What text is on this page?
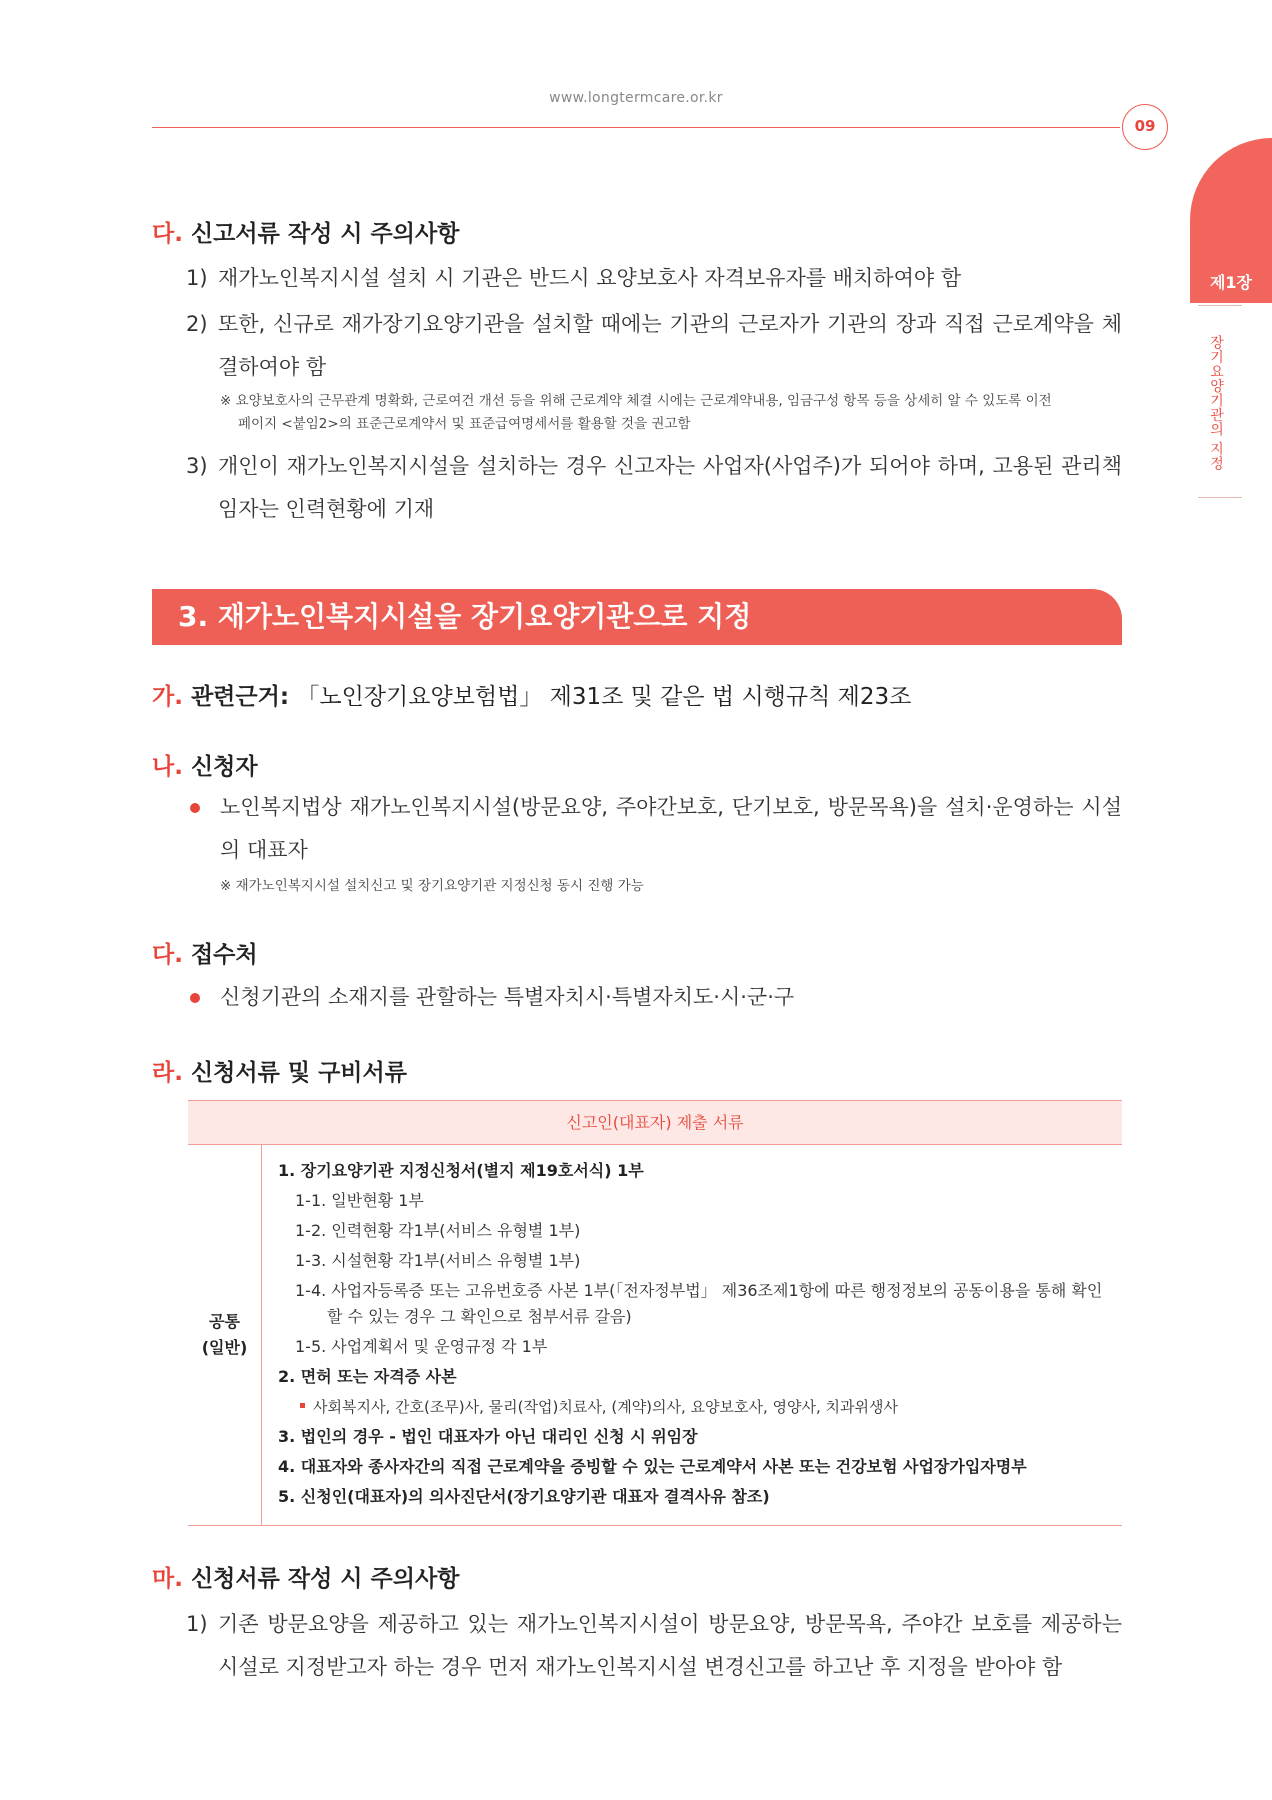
www.longtermcare.or.kr
09
제1장
장기요양기관의 지정
다. 신고서류 작성 시 주의사항
1) 재가노인복지시설 설치 시 기관은 반드시 요양보호사 자격보유자를 배치하여야 함
2) 또한, 신규로 재가장기요양기관을 설치할 때에는 기관의 근로자가 기관의 장과 직접 근로계약을 체결하여야 함
※ 요양보호사의 근무관계 명확화, 근로여건 개선 등을 위해 근로계약 체결 시에는 근로계약내용, 임금구성 항목 등을 상세히 알 수 있도록 이전
페이지 <붙임2>의 표준근로계약서 및 표준급여명세서를 활용할 것을 권고함
3) 개인이 재가노인복지시설을 설치하는 경우 신고자는 사업자(사업주)가 되어야 하며, 고용된 관리책임자는 인력현황에 기재
3. 재가노인복지시설을 장기요양기관으로 지정
가. 관련근거: 「노인장기요양보험법」 제31조 및 같은 법 시행규칙 제23조
나. 신청자
노인복지법상 재가노인복지시설(방문요양, 주야간보호, 단기보호, 방문목욕)을 설치·운영하는 시설의 대표자
※ 재가노인복지시설 설치신고 및 장기요양기관 지정신청 동시 진행 가능
다. 접수처
신청기관의 소재지를 관할하는 특별자치시·특별자치도·시·군·구
라. 신청서류 및 구비서류
신고인(대표자) 제출 서류
공통
(일반)
1. 장기요양기관 지정신청서(별지 제19호서식) 1부
1-1. 일반현황 1부
1-2. 인력현황 각1부(서비스 유형별 1부)
1-3. 시설현황 각1부(서비스 유형별 1부)
1-4. 사업자등록증 또는 고유번호증 사본 1부(「전자정부법」 제36조제1항에 따른 행정정보의 공동이용을 통해 확인할 수 있는 경우 그 확인으로 첨부서류 갈음)
1-5. 사업계획서 및 운영규정 각 1부
2. 면허 또는 자격증 사본
사회복지사, 간호(조무)사, 물리(작업)치료사, (계약)의사, 요양보호사, 영양사, 치과위생사
3. 법인의 경우 - 법인 대표자가 아닌 대리인 신청 시 위임장
4. 대표자와 종사자간의 직접 근로계약을 증빙할 수 있는 근로계약서 사본 또는 건강보험 사업장가입자명부
5. 신청인(대표자)의 의사진단서(장기요양기관 대표자 결격사유 참조)
마. 신청서류 작성 시 주의사항
1) 기존 방문요양을 제공하고 있는 재가노인복지시설이 방문요양, 방문목욕, 주야간 보호를 제공하는 시설로 지정받고자 하는 경우 먼저 재가노인복지시설 변경신고를 하고난 후 지정을 받아야 함
